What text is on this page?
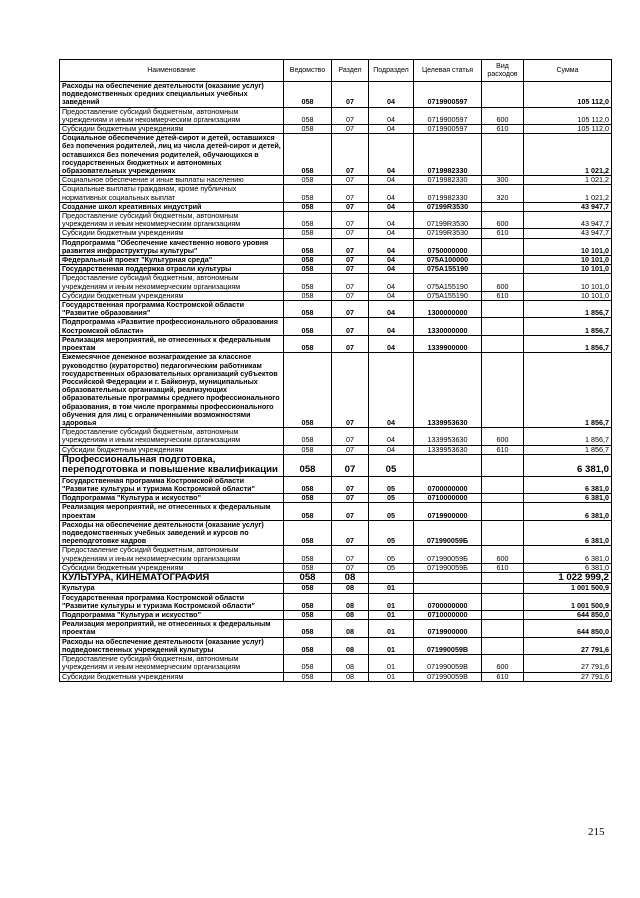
Наименование	Ведомство	Раздел	Подраздел	Целевая статья	Вид расходов	Сумма
Расходы на обеспечение деятельности (оказание услуг) подведомственных средних специальных учебных заведений	058	07	04	0719900597		105 112,0
Предоставление субсидий бюджетным, автономным учреждениям и иным некоммерческим организациям	058	07	04	0719900597	600	105 112,0
Субсидии бюджетным учреждениям	058	07	04	0719900597	610	105 112,0
Социальное обеспечение детей-сирот и детей, оставшихся без попечения родителей, лиц из числа детей-сирот и детей, оставшихся без попечения родителей, обучающихся в государственных бюджетных и автономных образовательных учреждениях	058	07	04	0719982330		1 021,2
Социальное обеспечение и иные выплаты населению	058	07	04	0719982330	300	1 021,2
Социальные выплаты гражданам, кроме публичных нормативных социальных выплат	058	07	04	0719982330	320	1 021,2
Создание школ креативных индустрий	058	07	04	07199R3530		43 947,7
Предоставление субсидий бюджетным, автономным учреждениям и иным некоммерческим организациям	058	07	04	07199R3530	600	43 947,7
Субсидии бюджетным учреждениям	058	07	04	07199R3530	610	43 947,7
Подпрограмма "Обеспечение качественно нового уровня развития инфраструктуры культуры"	058	07	04	0750000000		10 101,0
Федеральный проект "Культурная среда"	058	07	04	075A100000		10 101,0
Государственная поддержка отрасли культуры	058	07	04	075A155190		10 101,0
Предоставление субсидий бюджетным, автономным учреждениям и иным некоммерческим организациям	058	07	04	075A155190	600	10 101,0
Субсидии бюджетным учреждениям	058	07	04	075A155190	610	10 101,0
Государственная программа Костромской области "Развитие образования"	058	07	04	1300000000		1 856,7
Подпрограмма «Развитие профессионального образования Костромской области»	058	07	04	1330000000		1 856,7
Реализация мероприятий, не отнесенных к федеральным проектам	058	07	04	1339900000		1 856,7
Ежемесячное денежное вознаграждение за классное руководство (кураторство) педагогическим работникам государственных образовательных организаций субъектов Российской Федерации и г. Байконур, муниципальных образовательных организаций, реализующих образовательные программы среднего профессионального образования, в том числе программы профессионального обучения для лиц с ограниченными возможностями здоровья	058	07	04	1339953630		1 856,7
Предоставление субсидий бюджетным, автономным учреждениям и иным некоммерческим организациям	058	07	04	1339953630	600	1 856,7
Субсидии бюджетным учреждениям	058	07	04	1339953630	610	1 856,7
Профессиональная подготовка, переподготовка и повышение квалификации	058	07	05			6 381,0
Государственная программа Костромской области "Развитие культуры и туризма Костромской области"	058	07	05	0700000000		6 381,0
Подпрограмма "Культура и искусство"	058	07	05	0710000000		6 381,0
Реализация мероприятий, не отнесенных к федеральным проектам	058	07	05	0719900000		6 381,0
Расходы на обеспечение деятельности (оказание услуг) подведомственных учебных заведений и курсов по переподготовке кадров	058	07	05	071990059Б		6 381,0
Предоставление субсидий бюджетным, автономным учреждениям и иным некоммерческим организациям	058	07	05	071990059Б	600	6 381,0
Субсидии бюджетным учреждениям	058	07	05	071990059Б	610	6 381,0
КУЛЬТУРА, КИНЕМАТОГРАФИЯ	058	08				1 022 999,2
Культура	058	08	01			1 001 500,9
Государственная программа Костромской области "Развитие культуры и туризма Костромской области"	058	08	01	0700000000		1 001 500,9
Подпрограмма "Культура и искусство"	058	08	01	0710000000		644 850,0
Реализация мероприятий, не отнесенных к федеральным проектам	058	08	01	0719900000		644 850,0
Расходы на обеспечение деятельности (оказание услуг) подведомственных учреждений культуры	058	08	01	071990059В		27 791,6
Предоставление субсидий бюджетным, автономным учреждениям и иным некоммерческим организациям	058	08	01	071990059В	600	27 791,6
Субсидии бюджетным учреждениям	058	08	01	071990059В	610	27 791,6
215
